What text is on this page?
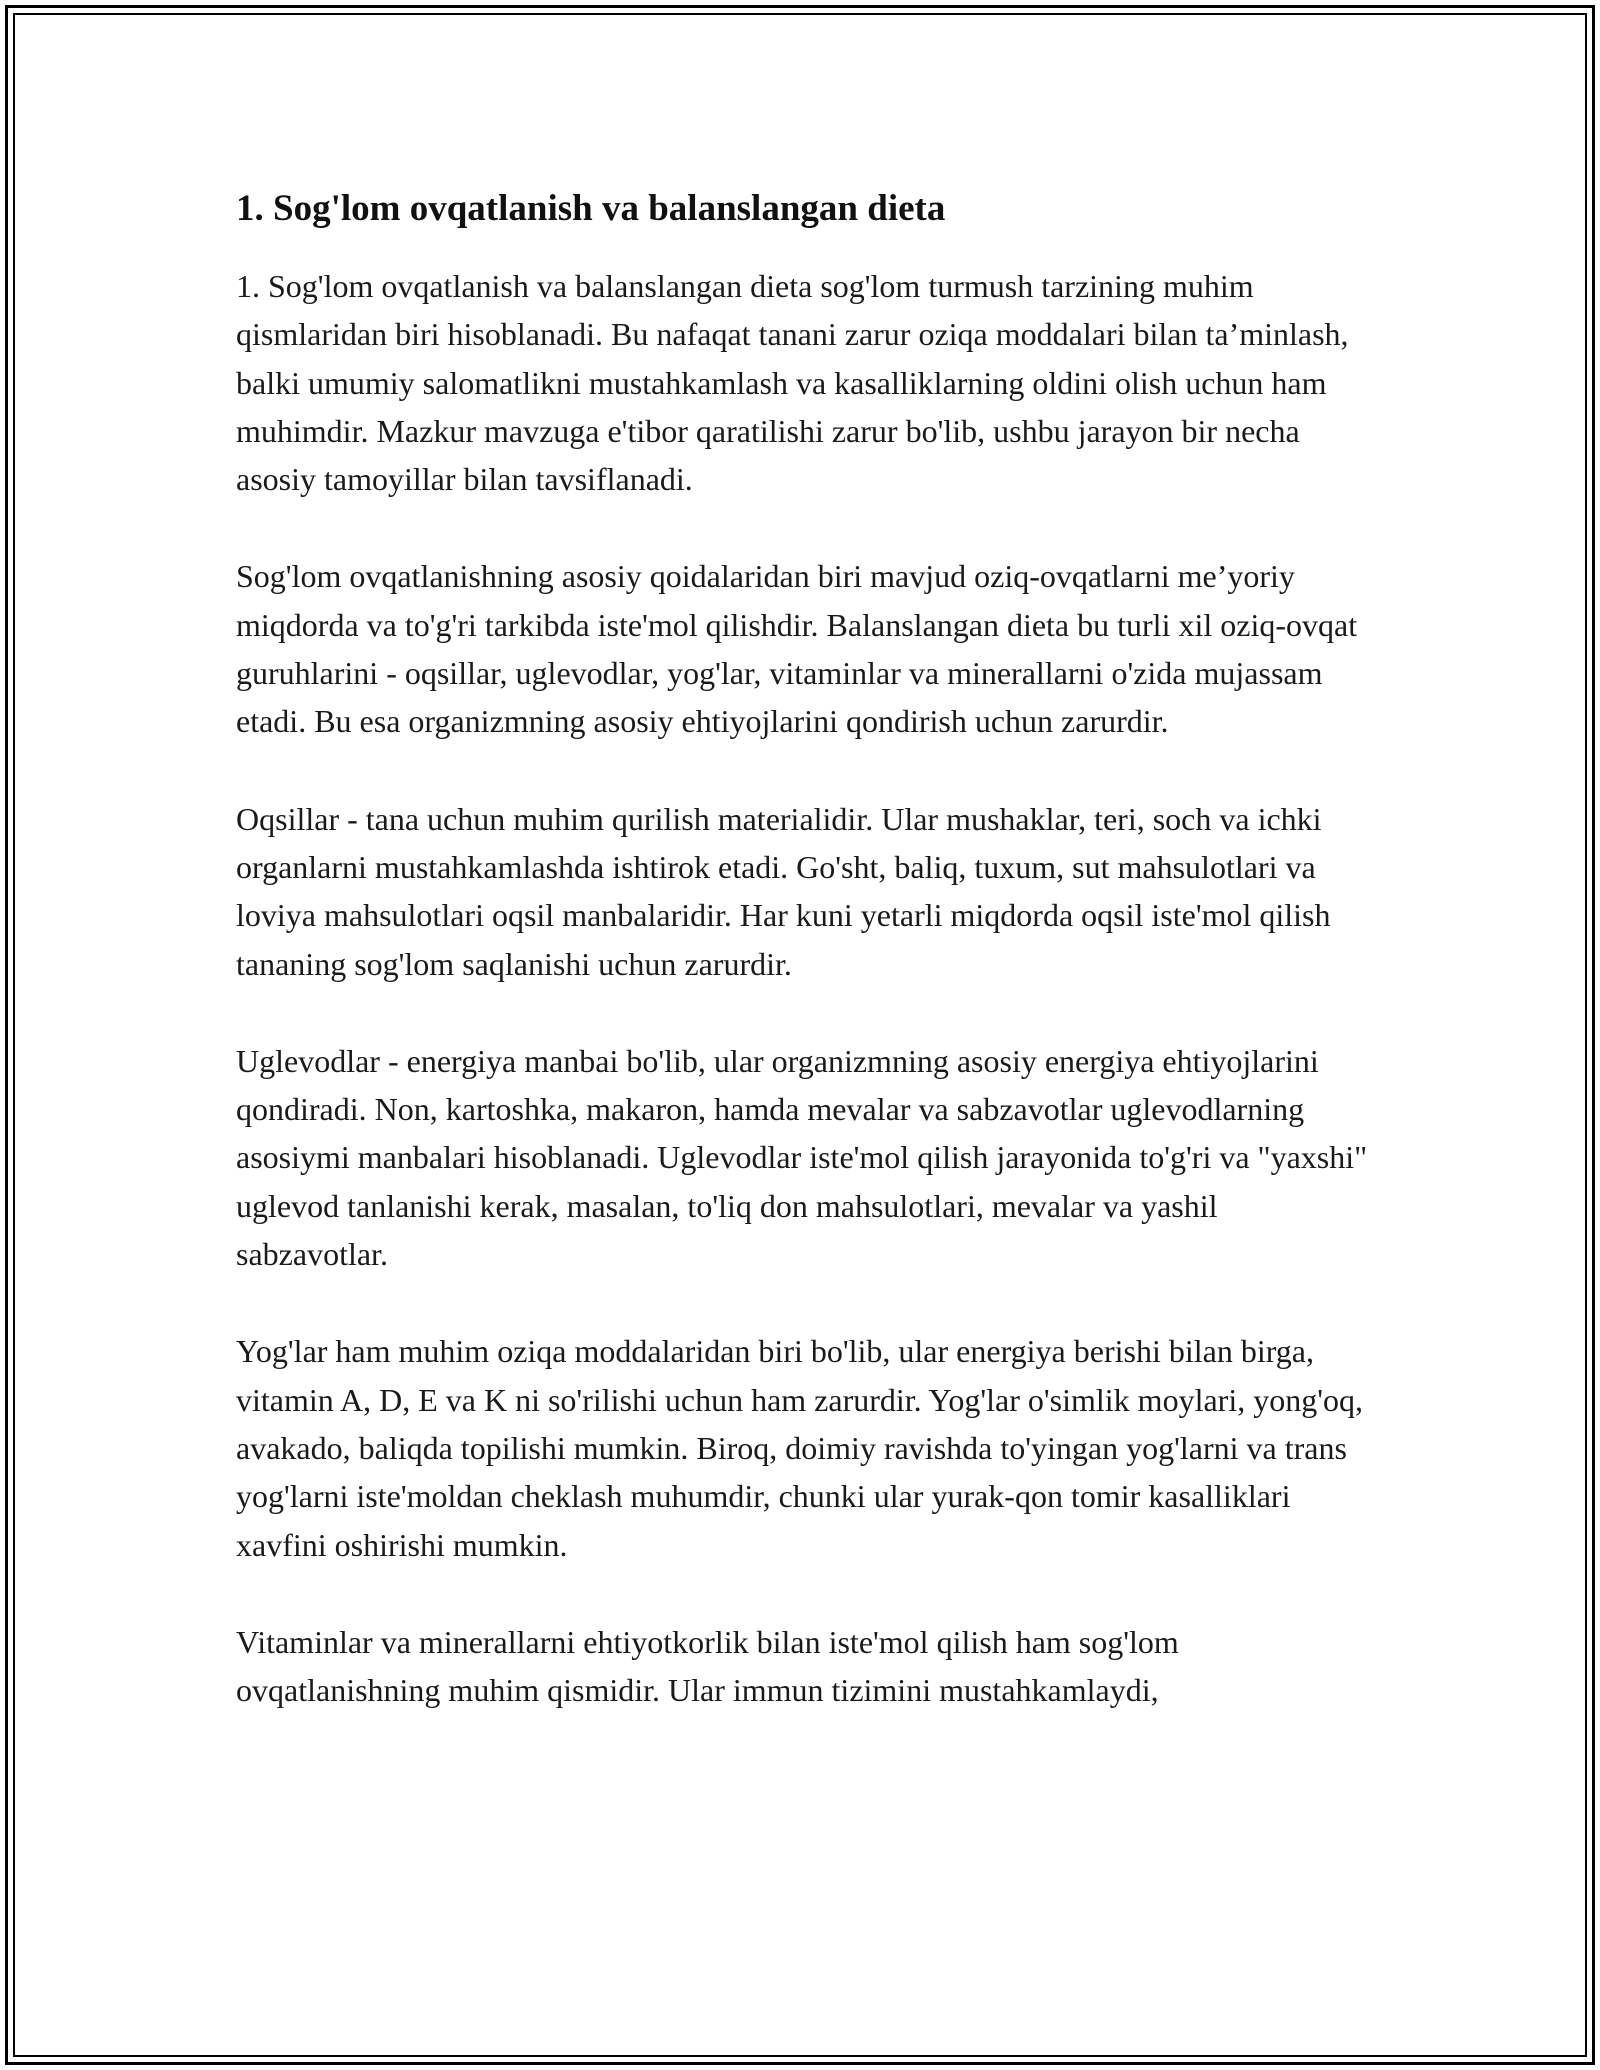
1. Sog'lom ovqatlanish va balanslangan dieta

1. Sog'lom ovqatlanish va balanslangan dieta sog'lom turmush tarzining muhim qismlaridan biri hisoblanadi. Bu nafaqat tanani zarur oziqa moddalari bilan ta’minlash, balki umumiy salomatlikni mustahkamlash va kasalliklarning oldini olish uchun ham muhimdir. Mazkur mavzuga e'tibor qaratilishi zarur bo'lib, ushbu jarayon bir necha asosiy tamoyillar bilan tavsiflanadi.

Sog'lom ovqatlanishning asosiy qoidalaridan biri mavjud oziq-ovqatlarni me’yoriy miqdorda va to'g'ri tarkibda iste'mol qilishdir. Balanslangan dieta bu turli xil oziq-ovqat guruhlarini - oqsillar, uglevodlar, yog'lar, vitaminlar va minerallarni o'zida mujassam etadi. Bu esa organizmning asosiy ehtiyojlarini qondirish uchun zarurdir.

Oqsillar - tana uchun muhim qurilish materialidir. Ular mushaklar, teri, soch va ichki organlarni mustahkamlashda ishtirok etadi. Go'sht, baliq, tuxum, sut mahsulotlari va loviya mahsulotlari oqsil manbalaridir. Har kuni yetarli miqdorda oqsil iste'mol qilish tananing sog'lom saqlanishi uchun zarurdir.

Uglevodlar - energiya manbai bo'lib, ular organizmning asosiy energiya ehtiyojlarini qondiradi. Non, kartoshka, makaron, hamda mevalar va sabzavotlar uglevodlarning asosiymi manbalari hisoblanadi. Uglevodlar iste'mol qilish jarayonida to'g'ri va "yaxshi" uglevod tanlanishi kerak, masalan, to'liq don mahsulotlari, mevalar va yashil sabzavotlar.

Yog'lar ham muhim oziqa moddalaridan biri bo'lib, ular energiya berishi bilan birga, vitamin A, D, E va K ni so'rilishi uchun ham zarurdir. Yog'lar o'simlik moylari, yong'oq, avakado, baliqda topilishi mumkin. Biroq, doimiy ravishda to'yingan yog'larni va trans yog'larni iste'moldan cheklash muhumdir, chunki ular yurak-qon tomir kasalliklari xavfini oshirishi mumkin.

Vitaminlar va minerallarni ehtiyotkorlik bilan iste'mol qilish ham sog'lom ovqatlanishning muhim qismidir. Ular immun tizimini mustahkamlaydi,
